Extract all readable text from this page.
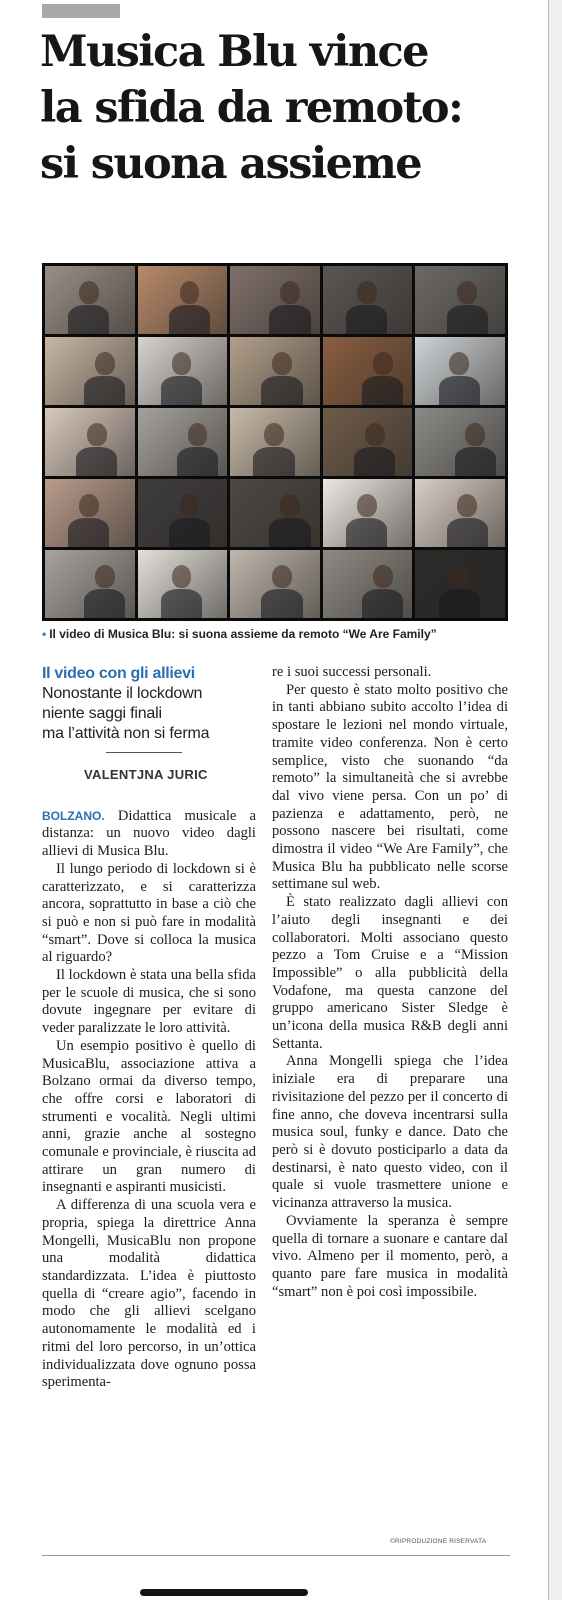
Musica Blu vince
la sfida da remoto:
si suona assieme
• Il video di Musica Blu: si suona assieme da remoto “We Are Family”
Il video con gli allievi
Nonostante il lockdown
niente saggi finali
ma l’attività non si ferma
VALENTJNA JURIC

BOLZANO. Didattica musicale a distanza: un nuovo video dagli allievi di Musica Blu.

Il lungo periodo di lockdown si è caratterizzato, e si caratterizza ancora, soprattutto in base a ciò che si può e non si può fare in modalità “smart”. Dove si colloca la musica al riguardo?

Il lockdown è stata una bella sfida per le scuole di musica, che si sono dovute ingegnare per evitare di veder paralizzate le loro attività.

Un esempio positivo è quello di MusicaBlu, associazione attiva a Bolzano ormai da diverso tempo, che offre corsi e laboratori di strumenti e vocalità. Negli ultimi anni, grazie anche al sostegno comunale e provinciale, è riuscita ad attirare un gran numero di insegnanti e aspiranti musicisti.

A differenza di una scuola vera e propria, spiega la direttrice Anna Mongelli, MusicaBlu non propone una modalità didattica standardizzata. L’idea è piuttosto quella di “creare agio”, facendo in modo che gli allievi scelgano autonomamente le modalità ed i ritmi del loro percorso, in un’ottica individualizzata dove ognuno possa sperimenta-

re i suoi successi personali.

Per questo è stato molto positivo che in tanti abbiano subito accolto l’idea di spostare le lezioni nel mondo virtuale, tramite video conferenza. Non è certo semplice, visto che suonando “da remoto” la simultaneità che si avrebbe dal vivo viene persa. Con un po’ di pazienza e adattamento, però, ne possono nascere bei risultati, come dimostra il video “We Are Family”, che Musica Blu ha pubblicato nelle scorse settimane sul web.

È stato realizzato dagli allievi con l’aiuto degli insegnanti e dei collaboratori. Molti associano questo pezzo a Tom Cruise e a “Mission Impossible” o alla pubblicità della Vodafone, ma questa canzone del gruppo americano Sister Sledge è un’icona della musica R&B degli anni Settanta.

Anna Mongelli spiega che l’idea iniziale era di preparare una rivisitazione del pezzo per il concerto di fine anno, che doveva incentrarsi sulla musica soul, funky e dance. Dato che però si è dovuto posticiparlo a data da destinarsi, è nato questo video, con il quale si vuole trasmettere unione e vicinanza attraverso la musica.

Ovviamente la speranza è sempre quella di tornare a suonare e cantare dal vivo. Almeno per il momento, però, a quanto pare fare musica in modalità “smart” non è poi così impossibile.

©RIPRODUZIONE RISERVATA
